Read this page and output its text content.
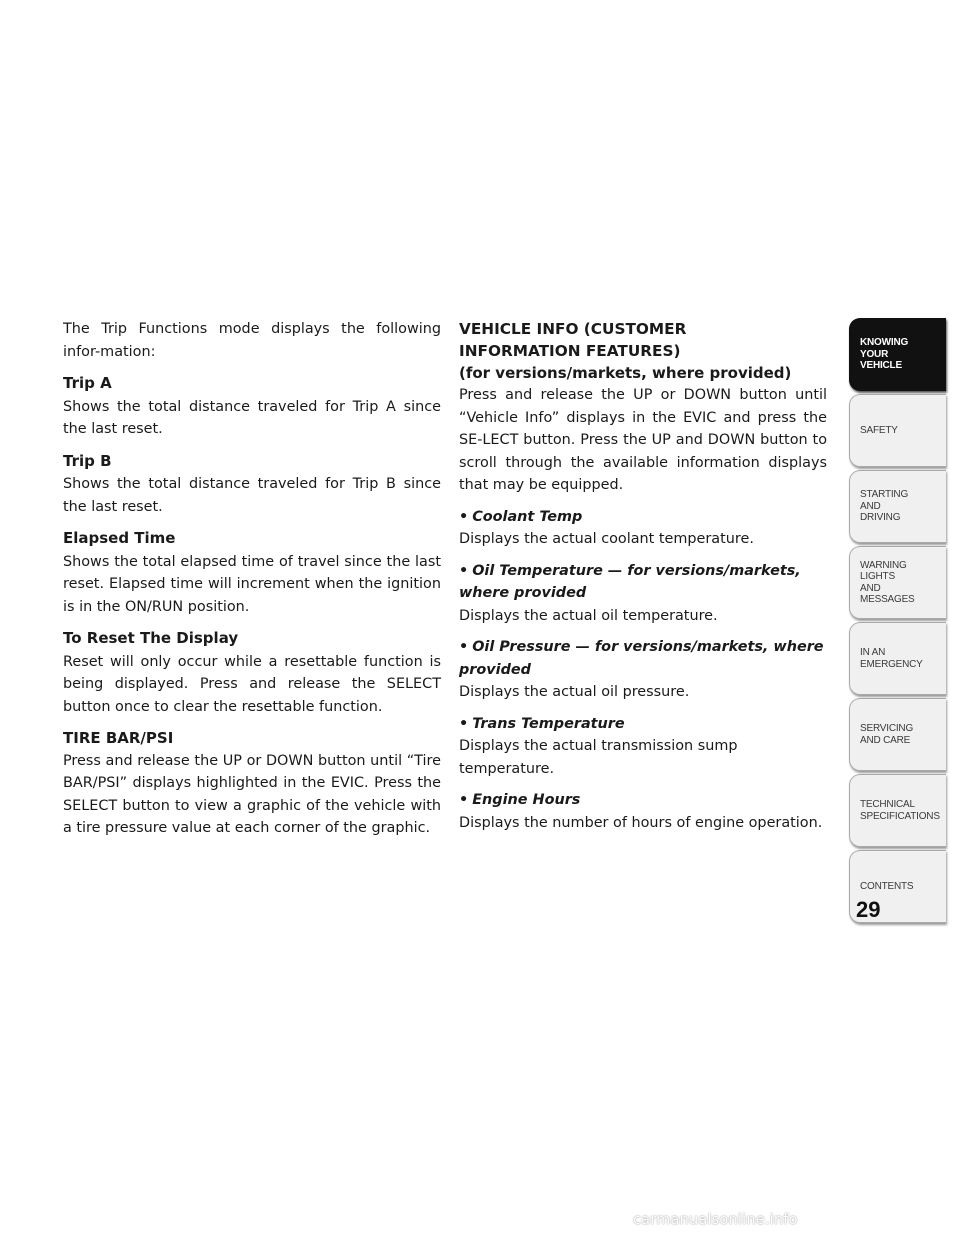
The Trip Functions mode displays the following infor-mation:

Trip A

Shows the total distance traveled for Trip A since the last reset.

Trip B

Shows the total distance traveled for Trip B since the last reset.

Elapsed Time

Shows the total elapsed time of travel since the last reset. Elapsed time will increment when the ignition is in the ON/RUN position.

To Reset The Display

Reset will only occur while a resettable function is being displayed. Press and release the SELECT button once to clear the resettable function.

TIRE BAR/PSI

Press and release the UP or DOWN button until “Tire BAR/PSI” displays highlighted in the EVIC. Press the SELECT button to view a graphic of the vehicle with a tire pressure value at each corner of the graphic.

VEHICLE INFO (CUSTOMER

INFORMATION FEATURES)

(for versions/markets, where provided)

Press and release the UP or DOWN button until “Vehicle Info” displays in the EVIC and press the SE-LECT button. Press the UP and DOWN button to scroll through the available information displays that may be equipped.

• Coolant Temp

Displays the actual coolant temperature.

• Oil Temperature — for versions/markets, where provided

Displays the actual oil temperature.

• Oil Pressure — for versions/markets, where provided

Displays the actual oil pressure.

• Trans Temperature

Displays the actual transmission sump temperature.

• Engine Hours

Displays the number of hours of engine operation.

KNOWING
YOUR
VEHICLE
SAFETY
STARTING
AND
DRIVING
WARNING
LIGHTS
AND
MESSAGES
IN AN
EMERGENCY
SERVICING
AND CARE
TECHNICAL
SPECIFICATIONS
CONTENTS
29
carmanualsonline.info
